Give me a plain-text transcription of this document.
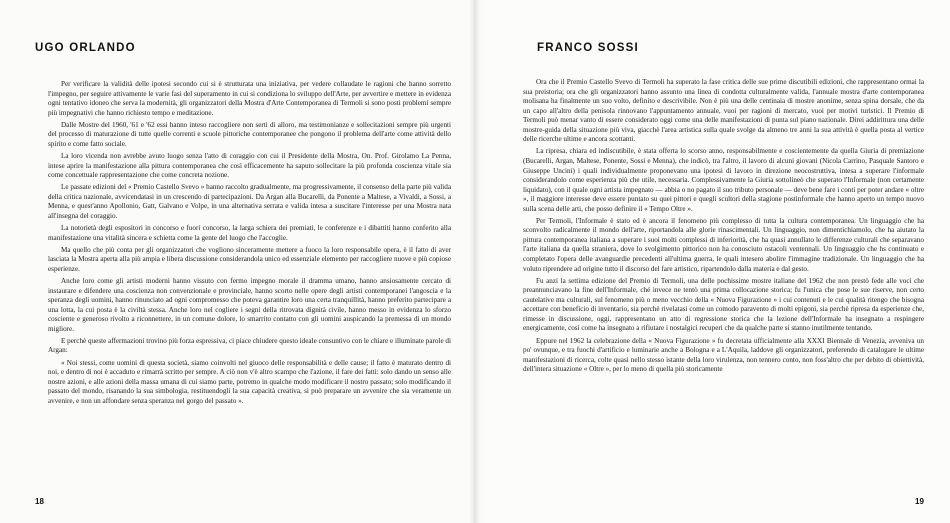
UGO ORLANDO

Per verificare la validità delle ipotesi secondo cui si è strutturata una iniziativa, per vedere collaudate le ragioni che hanno sorretto l'impegno, per seguire attivamente le varie fasi del superamento in cui si condiziona lo sviluppo dell'Arte, per avvertire e mettere in evidenza ogni tentativo idoneo che serva la modernità, gli organizzatori della Mostra d'Arte Contemporanea di Termoli si sono posti problemi sempre più impegnativi che hanno richiesto tempo e meditazione.

Dalle Mostre del 1960, '61 e '62 essi hanno inteso raccogliere non serti di alloro, ma testimonianze e sollecitazioni sempre più urgenti del processo di maturazione di tutte quelle correnti e scuole pittoriche contemporanee che pongono il problema dell'arte come attività dello spirito e come fatto sociale.

La loro vicenda non avrebbe avuto luogo senza l'atto di coraggio con cui il Presidente della Mostra, On. Prof. Girolamo La Penna, intese aprire la manifestazione alla pittura contemporanea che così efficacemente ha saputo sollecitare la più profonda coscienza vitale sia come concettuale rappresentazione che come concreta nozione.

Le passate edizioni del « Premio Castello Svevo » hanno raccolto gradualmente, ma progressivamente, il consenso della parte più valida della critica nazionale, avvicendatasi in un crescendo di partecipazioni. Da Argan alla Bucarelli, da Ponente a Maltese, a Vivaldi, a Sossi, a Menna, e quest'anno Apollonio, Gatt, Galvano e Volpe, in una alternativa serrata e valida intesa a suscitare l'interesse per una Mostra nata all'insegna del coraggio.

La notorietà degli espositori in concorso e fuori concorso, la larga schiera dei premiati, le conferenze e i dibattiti hanno conferito alla manifestazione una vitalità sincera e schietta come la gente del luogo che l'accoglie.

Ma quello che più conta per gli organizzatori che vogliono sinceramente mettere a fuoco la loro responsabile opera, è il fatto di aver lasciata la Mostra aperta alla più ampia e libera discussione considerandola unico ed essenziale elemento per raccogliere nuove e più copiose esperienze.

Anche loro come gli artisti moderni hanno vissuto con fermo impegno morale il dramma umano, hanno ansiosamente cercato di instaurare e difendere una coscienza non convenzionale e provinciale, hanno scorto nelle opere degli artisti contemporanei l'angoscia e la speranza degli uomini, hanno rinunciato ad ogni compromesso che poteva garantire loro una certa tranquillità, hanno preferito partecipare a una lotta, la cui posta è la civiltà stessa. Anche loro nel cogliere i segni della ritrovata dignità civile, hanno messo in evidenza lo sforzo cosciente e generoso rivolto a riconnettere, in un comune dolore, lo smarrito contatto con gli uomini auspicando la premessa di un mondo migliore.

E perchè queste affermazioni trovino più forza espressiva, ci piace chiudere questo ideale consuntivo con le chiare e illuminate parole di Argan:

« Noi stessi, come uomini di questa società, siamo coinvolti nel giuoco delle responsabilità e delle cause; il fatto è maturato dentro di noi, e dentro di noi è accaduto e rimarrà scritto per sempre. A ciò non v'è altro scampo che l'azione, il fare dei fatti: solo dando un senso alle nostre azioni, e alle azioni della massa umana di cui siamo parte, potremo in qualche modo modificare il nostro passato; solo modificando il passato del mondo, risanando la sua simbologia, restituendogli la sua capacità creativa, si può preparare un avvenire che sia veramente un avvenire, e non un affondare senza speranza nel gorgo del passato ».

18
FRANCO SOSSI

Ora che il Premio Castello Svevo di Termoli ha superato la fase critica delle sue prime discutibili edizioni, che rappresentano ormai la sua preistoria; ora che gli organizzatori hanno assunto una linea di condotta culturalmente valida, l'annuale mostra d'arte contemporanea molisana ha finalmente un suo volto, definito e descrivibile. Non è più una delle centinaia di mostre anonime, senza spina dorsale, che da un capo all'altro della penisola rinnovano l'appuntamento annuale, vuoi per ragioni di mercato, vuoi per motivi turistici. Il Premio di Termoli può menar vanto di essere considerato oggi come una delle manifestazioni di punta sul piano nazionale. Direi addirittura una delle mostre-guida della situazione più viva, giacchè l'area artistica sulla quale svolge da almeno tre anni la sua attività è quella posta al vertice delle ricerche ultime e ancora scottanti.

La ripresa, chiara ed indiscutibile, è stata offerta lo scorso anno, responsabilmente e coscientemente da quella Giuria di premiazione (Bucarelli, Argan, Maltese, Ponente, Sossi e Menna), che indicò, tra l'altro, il lavoro di alcuni giovani (Nicola Carrino, Pasquale Santoro e Giuseppe Uncini) i quali individualmente proponevano una ipotesi di lavoro in direzione neocostruttiva, intesa a superare l'informale considerandolo come esperienza più che utile, necessaria. Complessivamente la Giuria sottolineò che superato l'Informale (non certamente liquidato), con il quale ogni artista impegnato — abbia o no pagato il suo tributo personale — deve bene fare i conti per poter andare « oltre », il maggiore interesse deve essere puntato su quei pittori e quegli scultori della stagione postinformale che hanno aperto un tempo nuovo sulla scena delle arti, che posso definire il « Tempo Oltre ».

Per Termoli, l'Informale è stato ed è ancora il fenomeno più complesso di tutta la cultura contemporanea. Un linguaggio che ha sconvolto radicalmente il mondo dell'arte, riportandola alle glorie rinascimentali. Un linguaggio, non dimentichiamolo, che ha aiutato la pittura contemporanea italiana a superare i suoi molti complessi di inferiorità, che ha quasi annullato le differenze culturali che separavano l'arte italiana da quella straniera, dove lo svolgimento pittorico non ha conosciuto ostacoli ventennali. Un linguaggio che hs continuato e completato l'opera delle avanguardie precedenti all'ultima guerra, le quali intesero abolire l'immagine tradizionale. Un linguaggio che ha voluto riprendere ad origine tutto il discorso del fare artistico, ripartendolo dalla materia e dal gesto.

Fu anzi la settima edizione del Premio di Termoli, una delle pochissime mostre italiane del 1962 che non prestò fede alle voci che preannunciavano la fine dell'Informale, ché invece ne tentò una prima collocazione storica; fu l'unica che pose le sue riserve, non certo cautelative ma culturali, sul fenomeno più o meno vecchio della « Nuova Figurazione » i cui contenuti e le cui qualità ritengo che bisogna accettare con beneficio di inventario, sia perchè rivelatasi come un comodo paravento di molti epigoni, sia perchè ripresa da esperienze che, rimesse in discussione, oggi, rappresentano un atto di regressione storica che la lezione dell'Informale ha insegnato a respingere energicamente, così come ha insegnato a rifiutare i nostalgici recuperi che da qualche parte si stanno inutilmente tentando.

Eppure nel 1962 la celebrazione della « Nuova Figurazione » fu decretata ufficialmente alla XXXI Biennale di Venezia, avveniva un po' ovunque, e tra fuochi d'artificio e luminarie anche a Bologna e a L'Aquila, laddove gli organizzatori, preferendo di catalogare le ultime manifestazioni di ricerca, colte quasi nello stesso istante della loro virulenza, non tennero conto, non foss'altro che per debito di obiettività, dell'intera situazione « Oltre », per lo meno di quella più storicamente

19
